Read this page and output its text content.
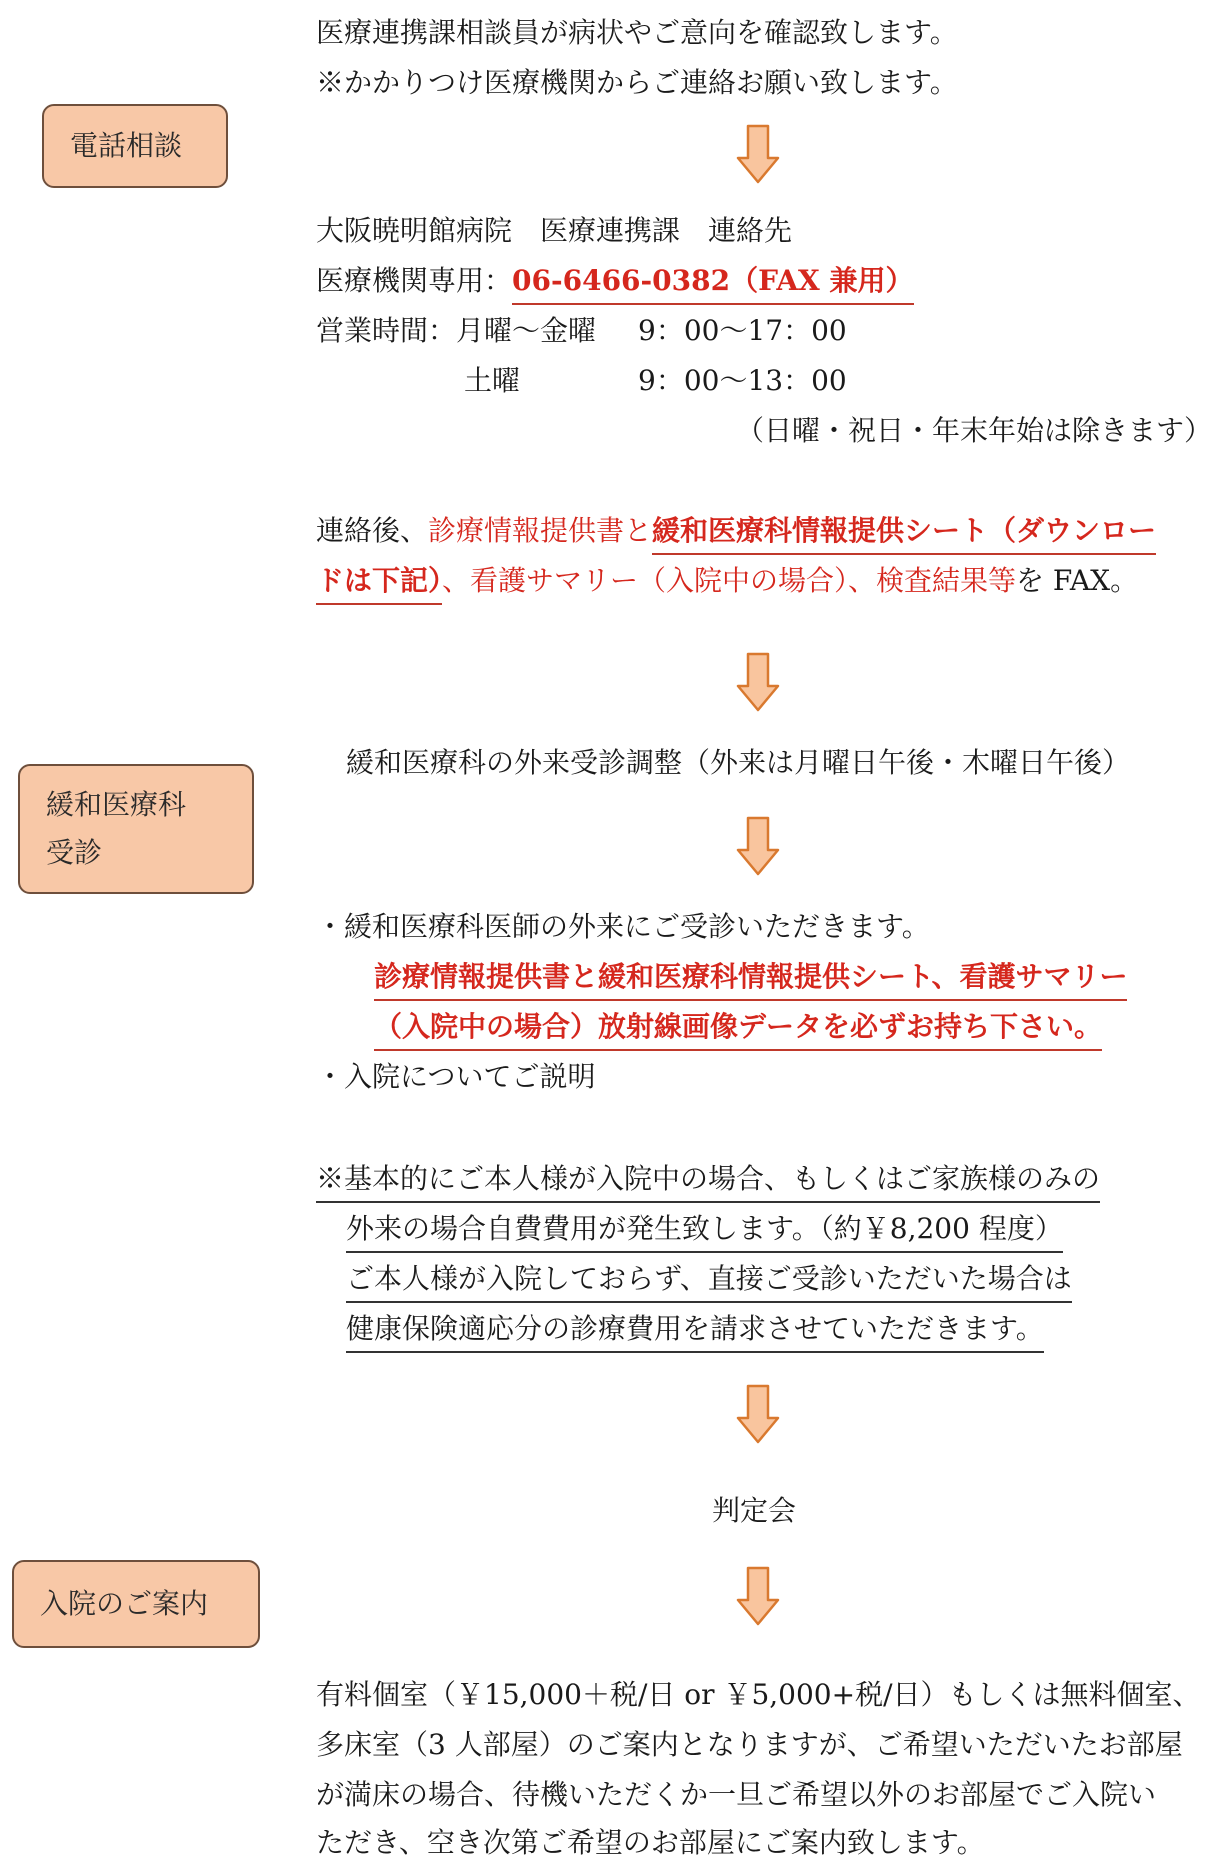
電話相談
緩和医療科
受診
入院のご案内
医療連携課相談員が病状やご意向を確認致します。
※かかりつけ医療機関からご連絡お願い致します。
大阪暁明館病院　医療連携課　連絡先
医療機関専用：06-6466-0382（FAX 兼用）
営業時間：月曜～金曜 9：00～17：00
土曜	9：00～13：00
（日曜・祝日・年末年始は除きます）
連絡後、診療情報提供書と緩和医療科情報提供シート（ダウンロー
ドは下記）、看護サマリー（入院中の場合）、検査結果等を FAX。
緩和医療科の外来受診調整（外来は月曜日午後・木曜日午後）
・緩和医療科医師の外来にご受診いただきます。
診療情報提供書と緩和医療科情報提供シート、看護サマリー
（入院中の場合）放射線画像データを必ずお持ち下さい。
・入院についてご説明
※基本的にご本人様が入院中の場合、もしくはご家族様のみの
外来の場合自費費用が発生致します。（約￥8,200 程度）
ご本人様が入院しておらず、直接ご受診いただいた場合は
健康保険適応分の診療費用を請求させていただきます。
判定会
有料個室（￥15,000＋税/日 or ￥5,000+税/日）もしくは無料個室、
多床室（3 人部屋）のご案内となりますが、ご希望いただいたお部屋
が満床の場合、待機いただくか一旦ご希望以外のお部屋でご入院い
ただき、空き次第ご希望のお部屋にご案内致します。
